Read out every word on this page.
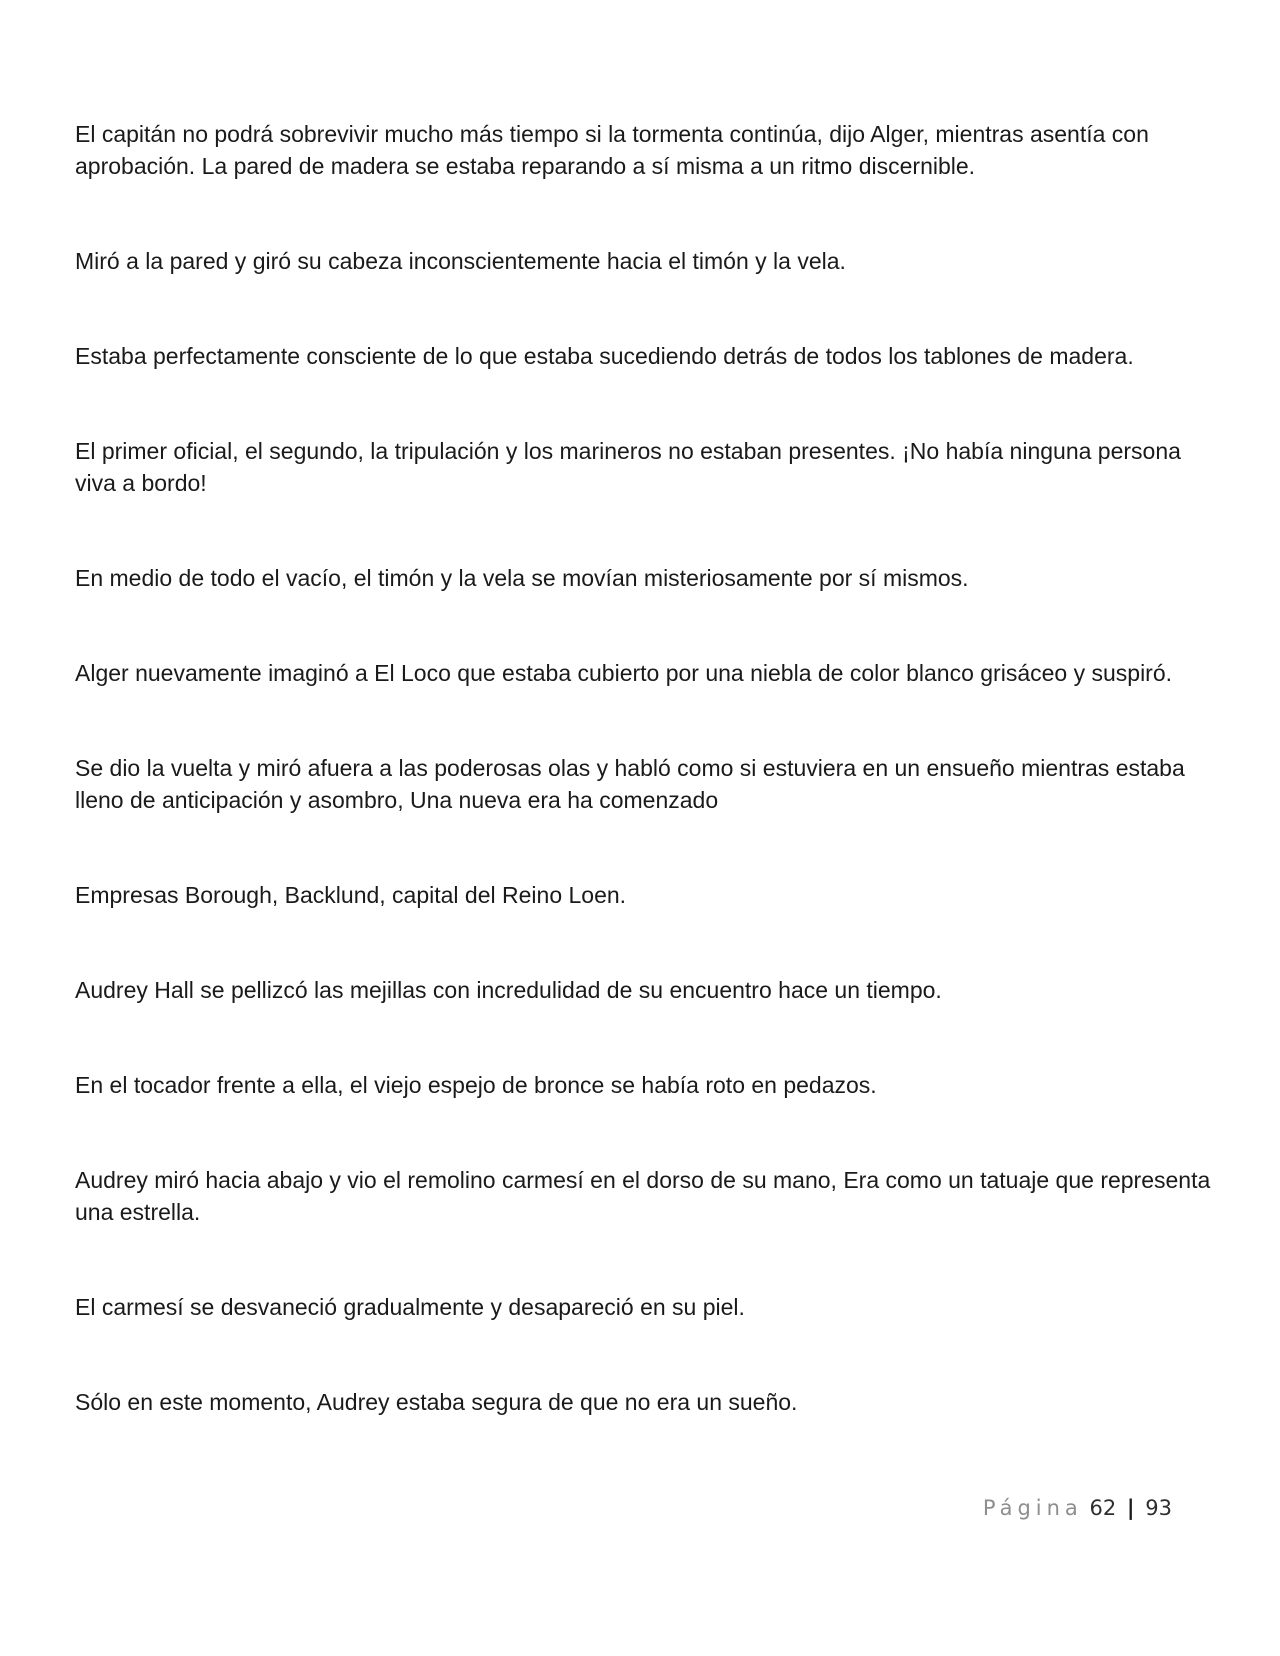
El capitán no podrá sobrevivir mucho más tiempo si la tormenta continúa, dijo Alger, mientras asentía con aprobación. La pared de madera se estaba reparando a sí misma a un ritmo discernible.

Miró a la pared y giró su cabeza inconscientemente hacia el timón y la vela.

Estaba perfectamente consciente de lo que estaba sucediendo detrás de todos los tablones de madera.

El primer oficial, el segundo, la tripulación y los marineros no estaban presentes. ¡No había ninguna persona viva a bordo!

En medio de todo el vacío, el timón y la vela se movían misteriosamente por sí mismos.

Alger nuevamente imaginó a El Loco que estaba cubierto por una niebla de color blanco grisáceo y suspiró.

Se dio la vuelta y miró afuera a las poderosas olas y habló como si estuviera en un ensueño mientras estaba lleno de anticipación y asombro, Una nueva era ha comenzado

Empresas Borough, Backlund, capital del Reino Loen.

Audrey Hall se pellizcó las mejillas con incredulidad de su encuentro hace un tiempo.

En el tocador frente a ella, el viejo espejo de bronce se había roto en pedazos.

Audrey miró hacia abajo y vio el remolino carmesí en el dorso de su mano, Era como un tatuaje que representa una estrella.

El carmesí se desvaneció gradualmente y desapareció en su piel.

Sólo en este momento, Audrey estaba segura de que no era un sueño.

Página 62 | 93
